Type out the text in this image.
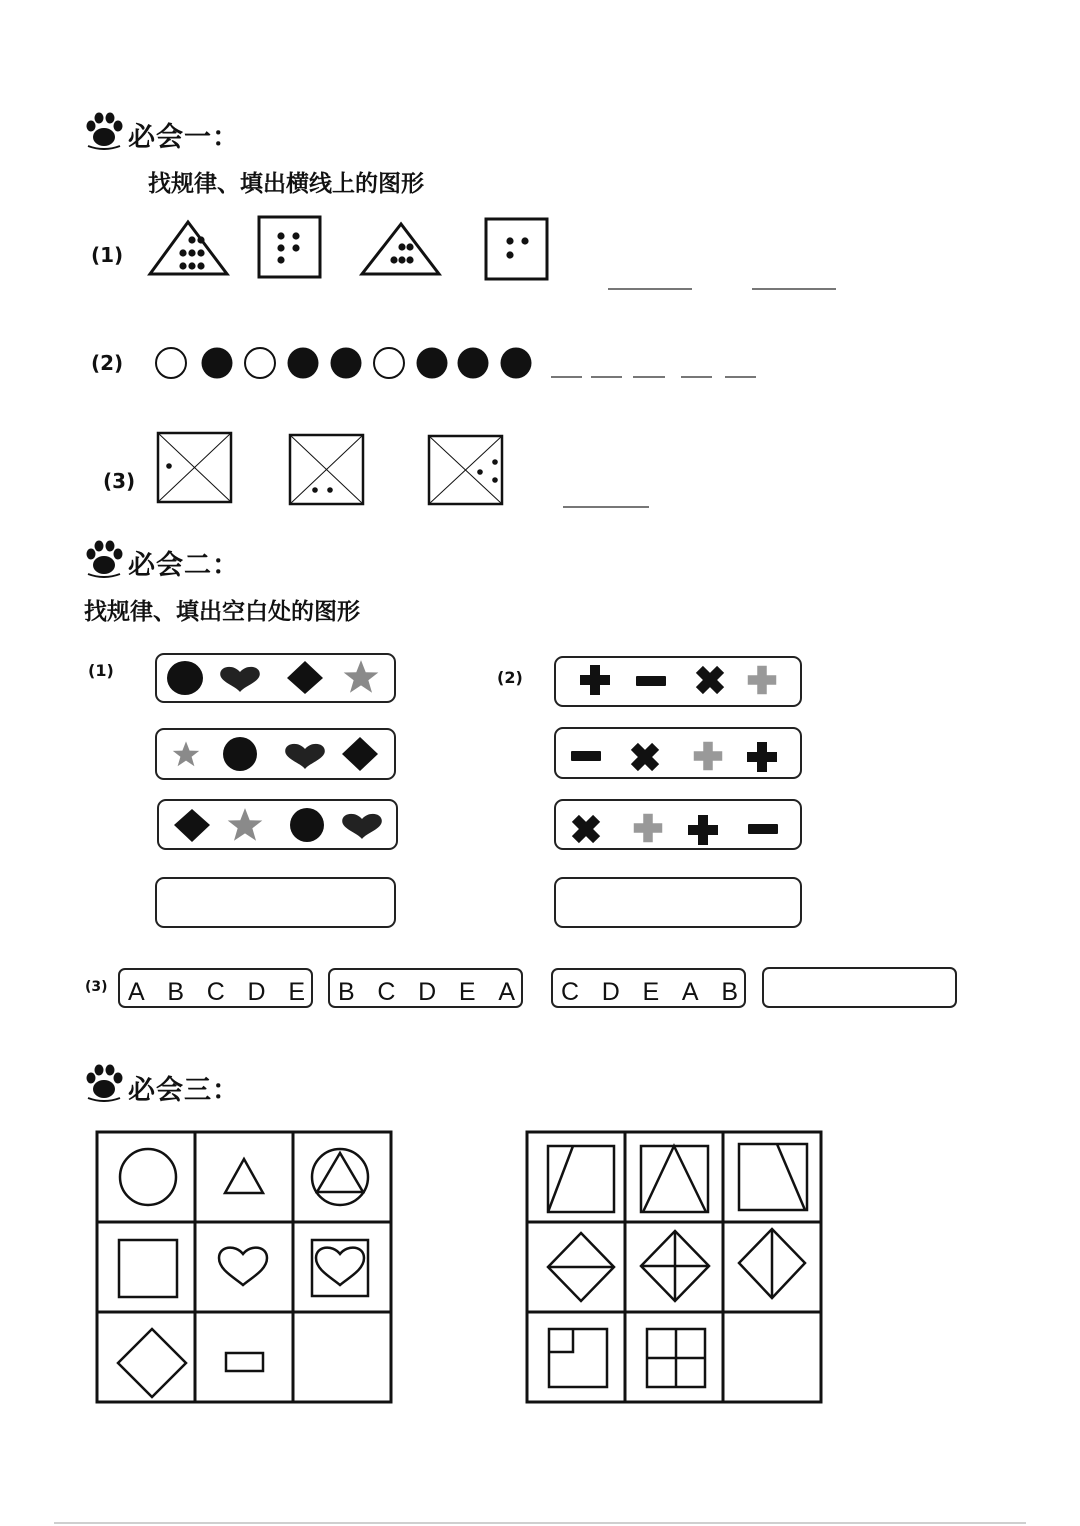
必会一：
找规律、填出横线上的图形
(1)
(2)
(3)
必会二：
找规律、填出空白处的图形
(1)	(2)
(3) A B C D E B C D E A C D E A B
必会三：
